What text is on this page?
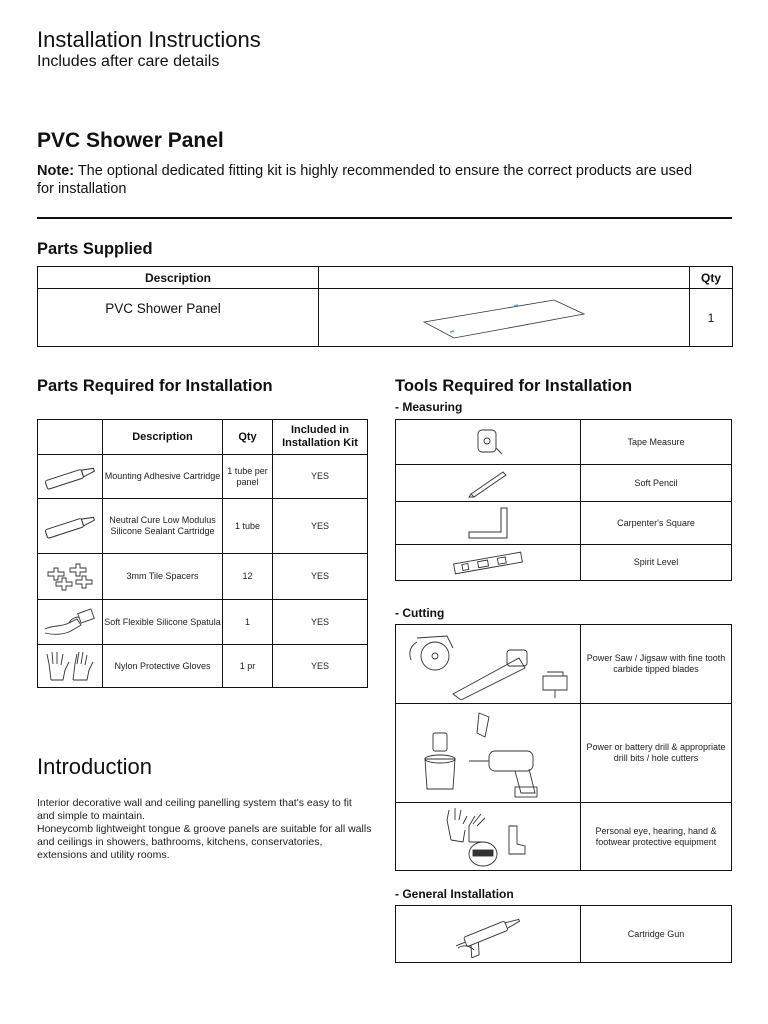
Installation Instructions
Includes after care details
PVC Shower Panel
Note: The optional dedicated fitting kit is highly recommended to ensure the correct products are used for installation
Parts Supplied
Description		Qty
PVC Shower Panel		1
Parts Required for Installation
	Description	Qty	Included in Installation Kit

	Mounting Adhesive Cartridge	1 tube per panel	YES

	Neutral Cure Low Modulus Silicone Sealant Cartridge	1 tube	YES

	3mm Tile Spacers	12	YES

	Soft Flexible Silicone Spatula	1	YES

	Nylon Protective Gloves	1 pr	YES
Tools Required for Installation
- Measuring
	Tape Measure

	Soft Pencil

	Carpenter's Square

	Spirit Level
- Cutting
	Power Saw / Jigsaw with fine tooth carbide tipped blades

	Power or battery drill & appropriate drill bits / hole cutters

	Personal eye, hearing, hand & footwear protective equipment
- General Installation
	Cartridge Gun
Introduction
Interior decorative wall and ceiling panelling system that's easy to fit and simple to maintain.
Honeycomb lightweight tongue & groove panels are suitable for all walls and ceilings in showers, bathrooms, kitchens, conservatories, extensions and utility rooms.
